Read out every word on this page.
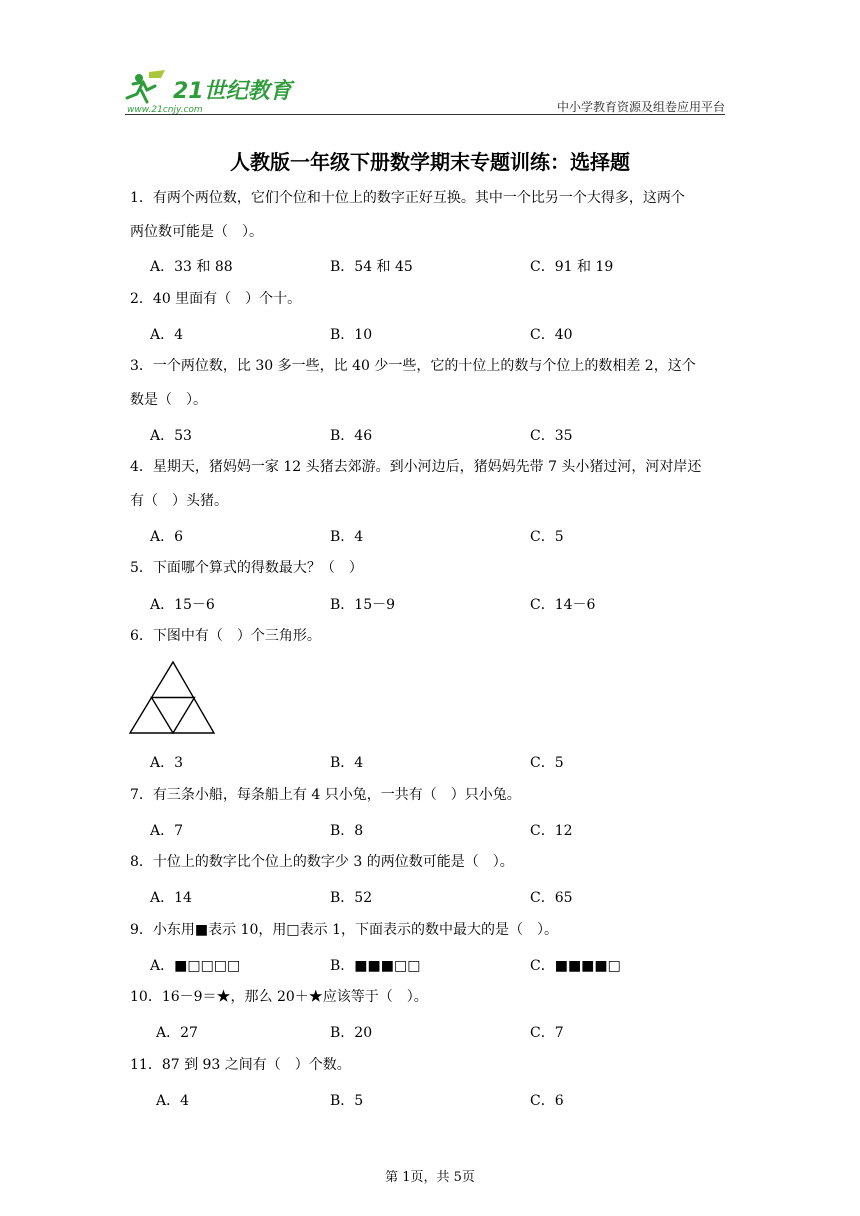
21世纪教育
www.21cnjy.com	中小学教育资源及组卷应用平台
人教版一年级下册数学期末专题训练：选择题
1．有两个两位数，它们个位和十位上的数字正好互换。其中一个比另一个大得多，这两个
两位数可能是（　）。
A．33 和 88	B．54 和 45	C．91 和 19
2．40 里面有（　）个十。
A．4	B．10	C．40
3．一个两位数，比 30 多一些，比 40 少一些，它的十位上的数与个位上的数相差 2，这个
数是（　）。
A．53	B．46	C．35
4．星期天，猪妈妈一家 12 头猪去郊游。到小河边后，猪妈妈先带 7 头小猪过河，河对岸还
有（　）头猪。
A．6	B．4	C．5
5．下面哪个算式的得数最大？（　）
A．15－6	B．15－9	C．14－6
6．下图中有（　）个三角形。
A．3	B．4	C．5
7．有三条小船，每条船上有 4 只小兔，一共有（　）只小兔。
A．7	B．8	C．12
8．十位上的数字比个位上的数字少 3 的两位数可能是（　）。
A．14	B．52	C．65
9．小东用■表示 10，用□表示 1，下面表示的数中最大的是（　）。
A．■□□□□	B．■■■□□	C．■■■■□
10．16－9＝★，那么 20＋★应该等于（　）。
A．27	B．20	C．7
11．87 到 93 之间有（　）个数。
A．4	B．5	C．6
第 1页，共 5页
